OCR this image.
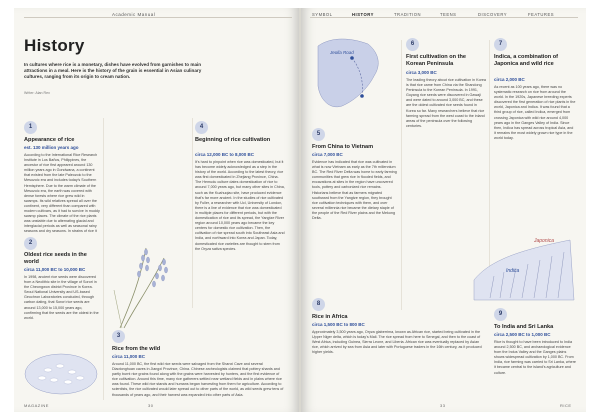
Academic Manual
History
In cultures where rice is a monetary, dishes have evolved from garnishes to main attractions in a meal. Here is the history of the grain is essential in Asian culinary cultures, ranging from its origin to cream nation.
Writer: Alan Rex
1
Appearance of rice
est. 130 million years ago
According to the International Rice Research Institute in Los Baños, Philippines, the ancestor of rice first appeared around 130 million years ago in Gondwana, a continent that existed from the late Paleozoic to the Mesozoic era and includes today's Southern Hemisphere. Due to the warm climate of the Mesozoic era, the earth was covered with dense forests where rice grew wild in swamps. Its wild relatives spread all over the continent, very different than compared with modern cultivars, as it had to survive in muddy swamp places. The climate of the rice plants was unstable due to alternating glacial and interglacial periods as well as seasonal rainy seasons and dry seasons. In strains of rice it
2
Oldest rice seeds in the world
circa 11,000 BC to 10,000 BC
In 1998, ancient rice seeds were discovered from a Neolithic site in the village of Sorori in the Cheongwon district Province in Korea. Seoul National University and US-based Geochron Laboratories concluded, through carbon dating, that Sorori rice seeds are around 13,000 to 15,000 years ago, confirming that the seeds are the oldest in the world.
3
Rice from the wild
circa 11,000 BC
Around 11,000 BC, the first wild rice seeds were salvaged from the Shanxi Cave and several Diaotonghuan caves in Jiangxi Province, China. Chinese archeologists claimed that pottery shards and partly burnt rice grains found along with the grains were harvested by hunters, and the first evidence of rice cultivation. Around this time, many rice gatherers settled near wetland fields and in plains where rice was found. These wild rice stands and humans began harvesting from them for agriculture. According to scientists, the rice cultivated would later spread out to other parts of the world, as wild seeds grew tens of thousands of years ago, and their harvest was expanded into other parts of Asia.
4
Beginning of rice cultivation
circa 12,000 BC to 8,000 BC
It's hard to pinpoint when rice was domesticated, but it has become widely acknowledged as a step in the history of the world. According to the latest theory, rice was first domesticated in Zhejiang Province, China. The Hemudu culture dates domestication of rice to around 7,000 years ago, but many other sites in China, such as the Kuahuqiao site, have produced evidence that's far more ancient. In the studies of rice cultivated by Fuller, a researcher with Ucl, University of London, there is a line of evidence that rice was domesticated in multiple places for different periods, but with the domestication of rice and its spread, the Yangtze River region around 10,000 years ago became the key centers for domestic rice cultivation. Then, the cultivation of rice spread south into Southeast Asia and India, and northward into Korea and Japan. Today, domesticated rice varieties are thought to stem from the Oryza sativa species.
MAGAZINE	30
SYMBOL	HISTORY	TRADITION	TEENS	DISCOVERY	FEATURES
Jeolla Road
5
From China to Vietnam
circa 7,000 BC
Evidence has indicated that rice was cultivated in what is now Vietnam as early as the 7th millennium BC. The Red River Delta was home to early farming communities that grew rice in flooded fields, and excavations at sites in the region have uncovered tools, pottery and carbonized rice remains. Historians believe that as farmers migrated southward from the Yangtze region, they brought rice cultivation techniques with them, and over several millennia rice became the dietary staple of the people of the Red River plains and the Mekong Delta.
6
First cultivation on the Korean Peninsula
circa 3,000 BC
The leading theory about rice cultivation in Korea is that rice came from China via the Shandong Peninsula to the Korean Peninsula. In 1991, Goyang rice seeds were discovered in Gawaji and were dated to around 3,000 BC, and these are the oldest cultivated rice seeds found in Korea so far. Many researchers believe that rice farming spread from the west coast to the inland areas of the peninsula over the following centuries.
7
Indica, a combination of Japonica and wild rice
circa 2,000 BC
As recent as 100 years ago, there was no systematic research on rice from around the world. In the 1920s, Japanese breeding experts discovered the first generation of rice plants in the world, Japonica and Indica. It was found that a third group of rice, called Indica, emerged from crossing Japonica with wild rice around 4,000 years ago in the Ganges Valley of India. Since then, Indica has spread across tropical Asia, and it remains the most widely grown rice type in the world today.
Japonica
Indica
8
Rice in Africa
circa 1,500 BC to 800 BC
Approximately 3,500 years ago, Oryza glaberrima, known as African rice, started being cultivated in the Upper Niger delta, which is today's Mali. The rice spread from here to Senegal, and then to the coast of West Africa, including Guinea, Sierra Leone, and Liberia. African rice was eventually replaced by Asian rice, which arrived by sea from Asia and later with Portuguese traders in the 16th century, as it produced higher yields.
9
To India and Sri Lanka
circa 2,500 BC to 1,000 BC
Rice is thought to have been introduced to India around 2,500 BC, and archaeological evidence from the Indus Valley and the Ganges plains shows widespread cultivation by 1,000 BC. From India, rice farming was carried to Sri Lanka, where it became central to the island's agriculture and culture.
33	RICE
